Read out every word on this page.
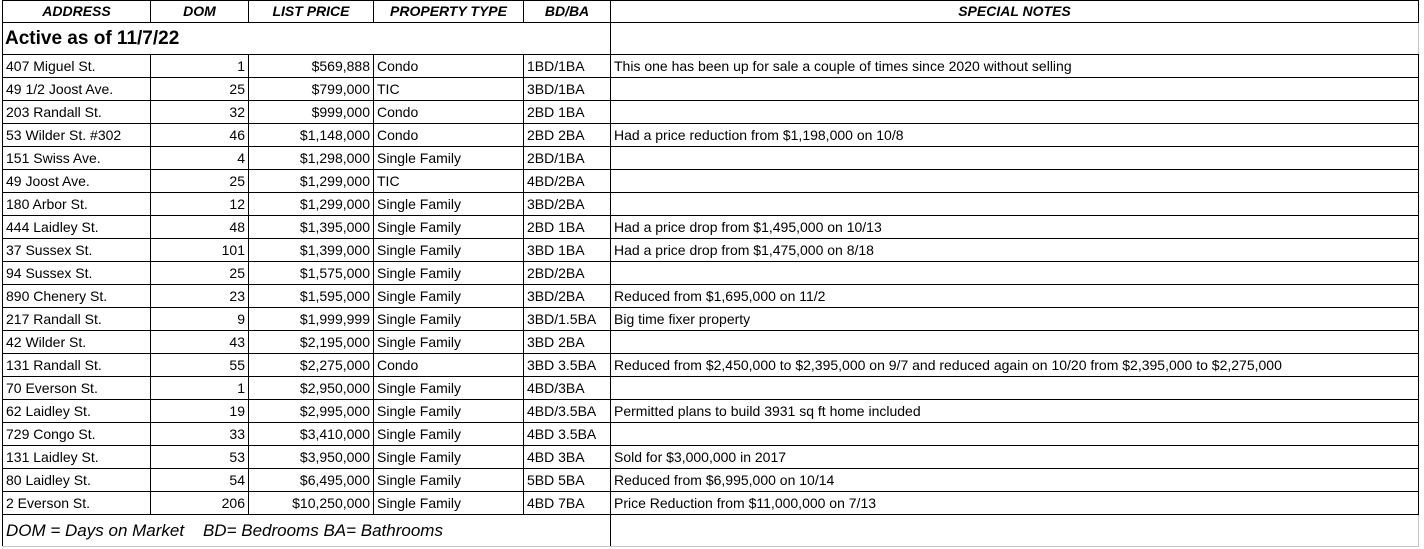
Active as of 11/7/22					
ADDRESS	DOM	LIST PRICE	PROPERTY TYPE	BD/BA	SPECIAL NOTES
407 Miguel St.	1	$569,888	Condo	1BD/1BA	This one has been up for sale a couple of times since 2020 without selling
49 1/2 Joost Ave.	25	$799,000	TIC	3BD/1BA	
203 Randall St.	32	$999,000	Condo	2BD 1BA	
53 Wilder St. #302	46	$1,148,000	Condo	2BD 2BA	Had a price reduction from $1,198,000 on 10/8
151 Swiss Ave.	4	$1,298,000	Single Family	2BD/1BA	
49 Joost Ave.	25	$1,299,000	TIC	4BD/2BA	
180 Arbor St.	12	$1,299,000	Single Family	3BD/2BA	
444 Laidley St.	48	$1,395,000	Single Family	2BD 1BA	Had a price drop from $1,495,000 on 10/13
37 Sussex St.	101	$1,399,000	Single Family	3BD 1BA	Had a price drop from $1,475,000 on 8/18
94 Sussex St.	25	$1,575,000	Single Family	2BD/2BA	
890 Chenery St.	23	$1,595,000	Single Family	3BD/2BA	Reduced from $1,695,000 on 11/2
217 Randall St.	9	$1,999,999	Single Family	3BD/1.5BA	Big time fixer property
42 Wilder St.	43	$2,195,000	Single Family	3BD 2BA	
131 Randall St.	55	$2,275,000	Condo	3BD 3.5BA	Reduced from $2,450,000 to $2,395,000 on 9/7 and reduced again on 10/20 from $2,395,000 to $2,275,000
70 Everson St.	1	$2,950,000	Single Family	4BD/3BA	
62 Laidley St.	19	$2,995,000	Single Family	4BD/3.5BA	Permitted plans to build 3931 sq ft home included
729 Congo St.	33	$3,410,000	Single Family	4BD 3.5BA	
131 Laidley St.	53	$3,950,000	Single Family	4BD 3BA	Sold for $3,000,000 in 2017
80 Laidley St.	54	$6,495,000	Single Family	5BD 5BA	Reduced from $6,995,000 on 10/14
2 Everson St.	206	$10,250,000	Single Family	4BD 7BA	Price Reduction from $11,000,000 on 7/13
DOM = Days on Market    BD= Bedrooms BA= Bathrooms					
